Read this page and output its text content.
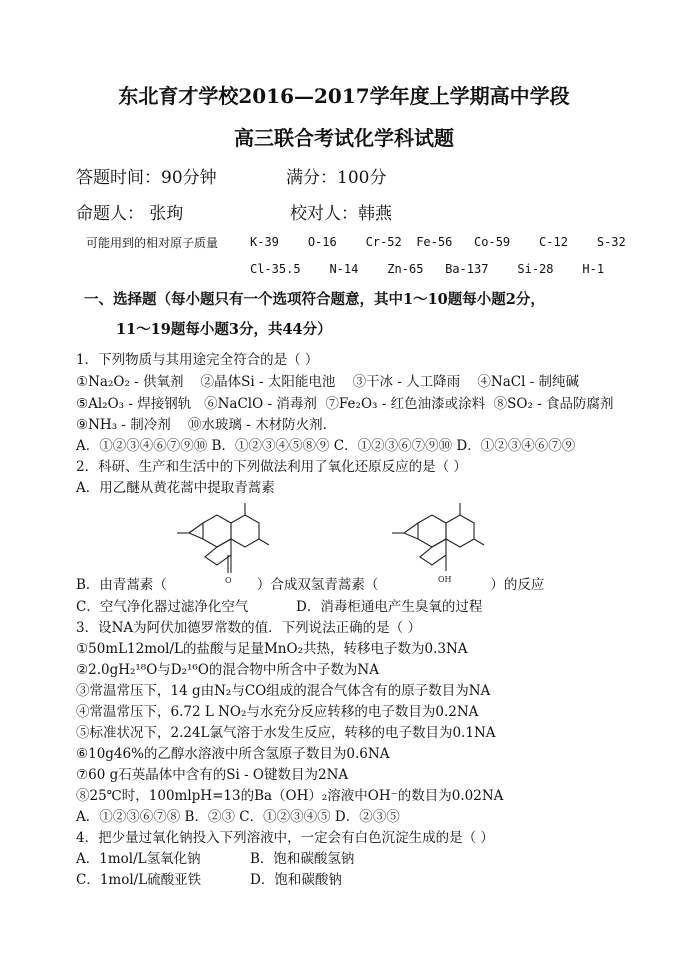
东北育才学校2016—2017学年度上学期高中学段
高三联合考试化学科试题
答题时间：90分钟	满分：100分
命题人： 张珣	校对人：韩燕
可能用到的相对原子质量	K-39 O-16 Cr-52 Fe-56 Co-59 C-12 S-32
Cl-35.5 N-14 Zn-65 Ba-137 Si-28 H-1
一、选择题（每小题只有一个选项符合题意，其中1～10题每小题2分，
11～19题每小题3分，共44分）
1．下列物质与其用途完全符合的是（ ）
①Na₂O₂ - 供氧剂 ②晶体Si - 太阳能电池 ③干冰 - 人工降雨 ④NaCl - 制纯碱
⑤Al₂O₃ - 焊接钢轨 ⑥NaClO - 消毒剂 ⑦Fe₂O₃ - 红色油漆或涂料 ⑧SO₂ - 食品防腐剂
⑨NH₃ - 制冷剂 ⑩水玻璃 - 木材防火剂.
A．①②③④⑥⑦⑨⑩ B．①②③④⑤⑧⑨ C．①②③⑥⑦⑨⑩ D．①②③④⑥⑦⑨
2．科研、生产和生活中的下列做法利用了氧化还原反应的是（ ）
A．用乙醚从黄花蒿中提取青蒿素
O	OH
B．由青蒿素（	）合成双氢青蒿素（	）的反应
C．空气净化器过滤净化空气	D．消毒柜通电产生臭氧的过程
3．设NA为阿伏加德罗常数的值．下列说法正确的是（ ）
①50mL12mol/L的盐酸与足量MnO₂共热，转移电子数为0.3NA
②2.0gH₂¹⁸O与D₂¹⁶O的混合物中所含中子数为NA
③常温常压下，14 g由N₂与CO组成的混合气体含有的原子数目为NA
④常温常压下，6.72 L NO₂与水充分反应转移的电子数目为0.2NA
⑤标准状况下，2.24L氯气溶于水发生反应，转移的电子数目为0.1NA
⑥10g46%的乙醇水溶液中所含氢原子数目为0.6NA
⑦60 g石英晶体中含有的Si - O键数目为2NA
⑧25℃时，100mlpH=13的Ba（OH）₂溶液中OH⁻的数目为0.02NA
A．①②③⑥⑦⑧ B．②③ C．①②③④⑤ D．②③⑤
4．把少量过氧化钠投入下列溶液中，一定会有白色沉淀生成的是（ ）
A．1mol/L氢氧化钠	B．饱和碳酸氢钠
C．1mol/L硫酸亚铁	D．饱和碳酸钠
